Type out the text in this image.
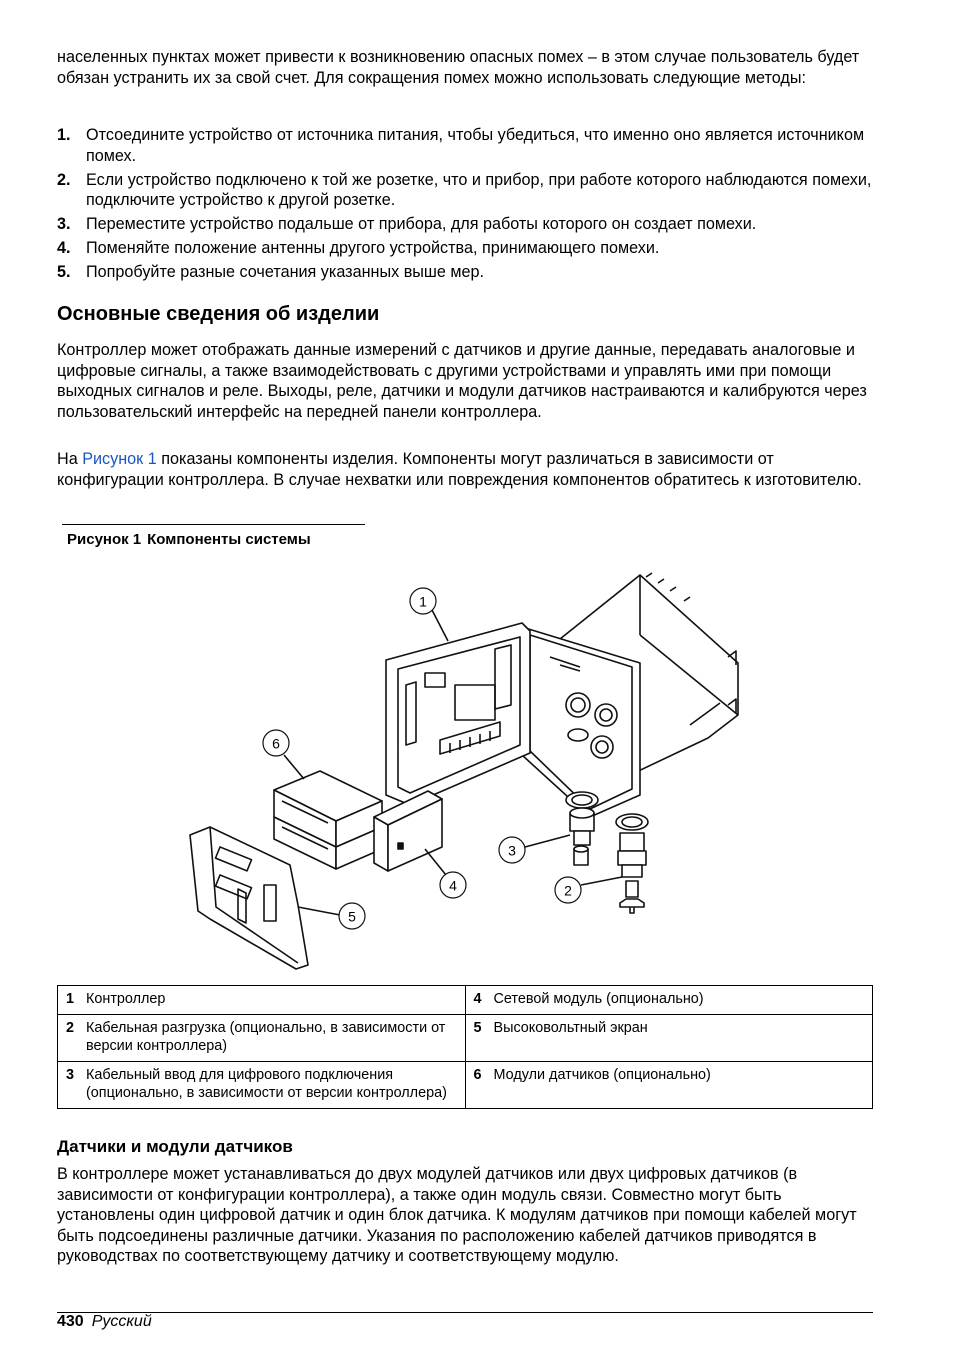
населенных пунктах может привести к возникновению опасных помех – в этом случае пользователь будет обязан устранить их за свой счет. Для сокращения помех можно использовать следующие методы:

1. Отсоедините устройство от источника питания, чтобы убедиться, что именно оно является источником помех.
2. Если устройство подключено к той же розетке, что и прибор, при работе которого наблюдаются помехи, подключите устройство к другой розетке.
3. Переместите устройство подальше от прибора, для работы которого он создает помехи.
4. Поменяйте положение антенны другого устройства, принимающего помехи.
5. Попробуйте разные сочетания указанных выше мер.
Основные сведения об изделии

Контроллер может отображать данные измерений с датчиков и другие данные, передавать аналоговые и цифровые сигналы, а также взаимодействовать с другими устройствами и управлять ими при помощи выходных сигналов и реле. Выходы, реле, датчики и модули датчиков настраиваются и калибруются через пользовательский интерфейс на передней панели контроллера.

На Рисунок 1 показаны компоненты изделия. Компоненты могут различаться в зависимости от конфигурации контроллера. В случае нехватки или повреждения компонентов обратитесь к изготовителю.

Рисунок 1 Компоненты системы
1
6
4
5
3
2
1 Контроллер	4 Сетевой модуль (опционально)
2 Кабельная разгрузка (опционально, в зависимости от версии контроллера)	5 Высоковольтный экран
3 Кабельный ввод для цифрового подключения (опционально, в зависимости от версии контроллера)	6 Модули датчиков (опционально)
Датчики и модули датчиков

В контроллере может устанавливаться до двух модулей датчиков или двух цифровых датчиков (в зависимости от конфигурации контроллера), а также один модуль связи. Совместно могут быть установлены один цифровой датчик и один блок датчика. К модулям датчиков при помощи кабелей могут быть подсоединены различные датчики. Указания по расположению кабелей датчиков приводятся в руководствах по соответствующему датчику и соответствующему модулю.

430 Русский
